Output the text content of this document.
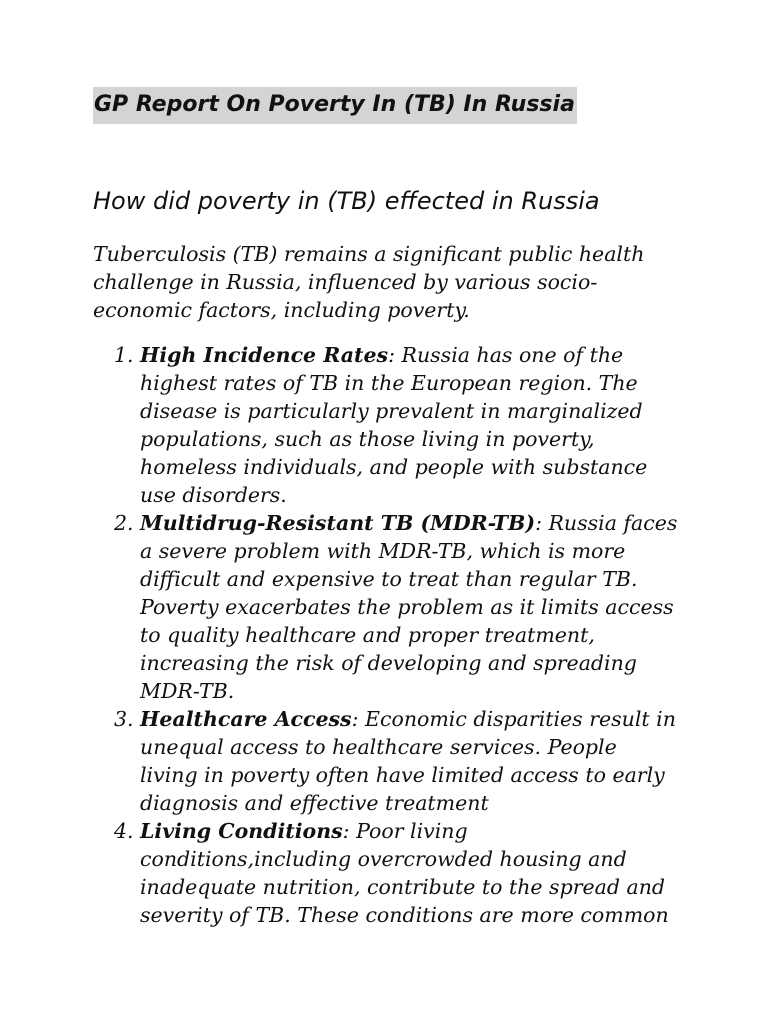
GP Report On Poverty In (TB) In Russia
How did poverty in (TB) effected in Russia

Tuberculosis (TB) remains a significant public health
challenge in Russia, influenced by various socio-
economic factors, including poverty.

1. High Incidence Rates: Russia has one of the
highest rates of TB in the European region. The
disease is particularly prevalent in marginalized
populations, such as those living in poverty,
homeless individuals, and people with substance
use disorders.
2. Multidrug-Resistant TB (MDR-TB): Russia faces
a severe problem with MDR-TB, which is more
difficult and expensive to treat than regular TB.
Poverty exacerbates the problem as it limits access
to quality healthcare and proper treatment,
increasing the risk of developing and spreading
MDR-TB.
3. Healthcare Access: Economic disparities result in
unequal access to healthcare services. People
living in poverty often have limited access to early
diagnosis and effective treatment
4. Living Conditions: Poor living
conditions,including overcrowded housing and
inadequate nutrition, contribute to the spread and
severity of TB. These conditions are more common
